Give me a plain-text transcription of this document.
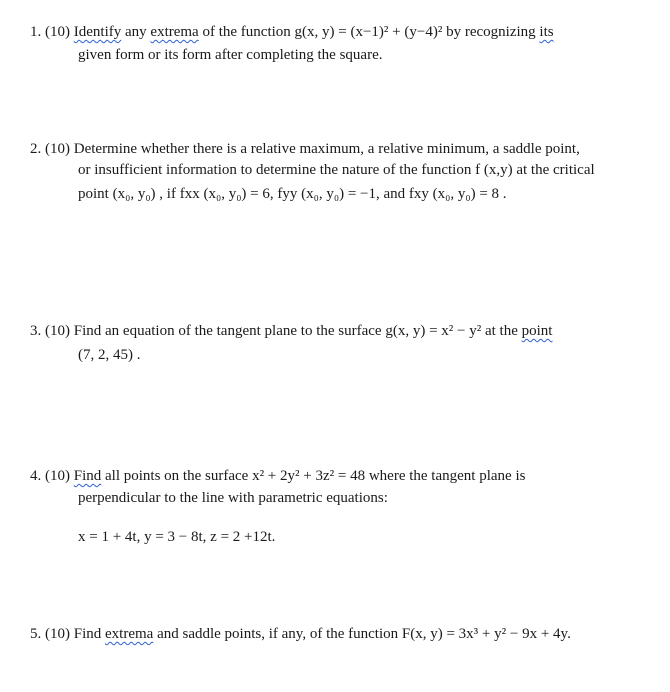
1. (10) Identify any extrema of the function g(x, y) = (x−1)² + (y−4)² by recognizing its
given form or its form after completing the square.
2. (10) Determine whether there is a relative maximum, a relative minimum, a saddle point,
or insufficient information to determine the nature of the function f (x,y) at the critical
point (x₀, y₀) , if fxx (x₀, y₀) = 6, fyy (x₀, y₀) = −1, and fxy (x₀, y₀) = 8 .
3. (10) Find an equation of the tangent plane to the surface g(x, y) = x² − y² at the point
(7, 2, 45) .
4. (10) Find all points on the surface x² + 2y² + 3z² = 48 where the tangent plane is
perpendicular to the line with parametric equations:
x = 1 + 4t, y = 3 − 8t, z = 2 +12t.
5. (10) Find extrema and saddle points, if any, of the function F(x, y) = 3x³ + y² − 9x + 4y.
